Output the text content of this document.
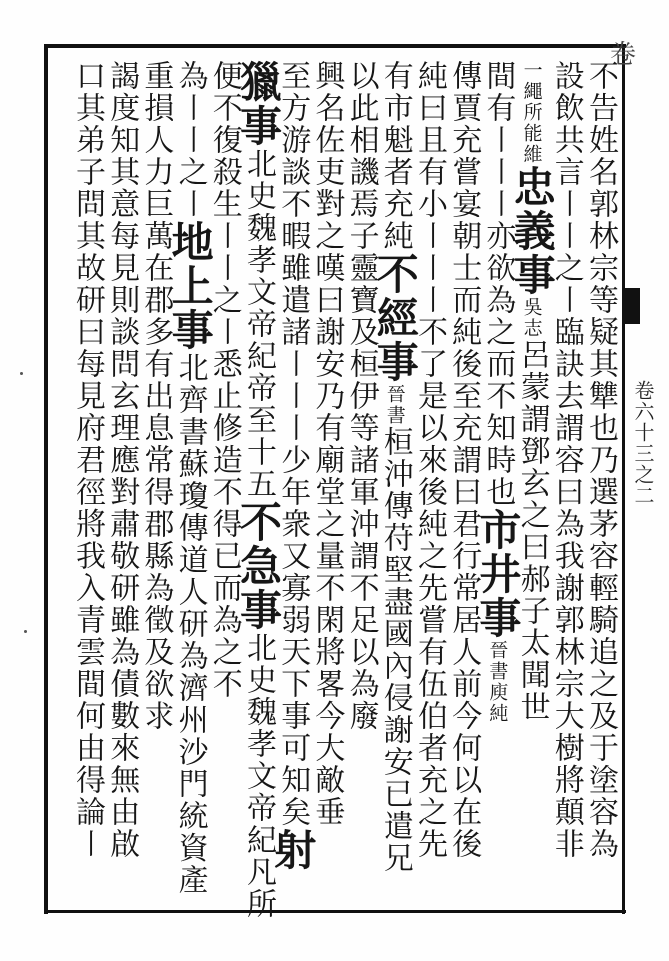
卷
卷六十三之二
不告姓名郭林宗等疑其犨也乃選茅容輕騎追之及于塗容為
設飲共言〡〡之〡臨訣去謂容曰為我謝郭林宗大樹將顛非
一繩所能維忠義事吳志呂蒙謂鄧玄之曰郝子太聞世
間有〡〡〡亦欲為之而不知時也市井事晉書庾純
傳賈充嘗宴朝士而純後至充謂曰君行常居人前今何以在後
純曰且有小〡〡〡不了是以來後純之先嘗有伍伯者充之先
有市魁者充純不經事晉書桓沖傳苻堅盡國內侵謝安已遣兄
以此相譏焉子靈寶及桓伊等諸軍沖謂不足以為廢
興名佐吏對之嘆曰謝安乃有廟堂之量不閑將畧今大敵垂
至方游談不暇雖遣諸〡〡〡少年衆又寡弱天下事可知矣射
獵事北史魏孝文帝紀帝至十五不急事北史魏孝文帝紀凡所
便不復殺生〡〡之〡悉止修造不得已而為之不
為〡〡之〡地上事北齊書蘇瓊傳道人研為濟州沙門統資產
重損人力巨萬在郡多有出息常得郡縣為徵及欲求
謁度知其意每見則談問玄理應對肅敬研雖為債數來無由啟
口其弟子問其故研曰每見府君徑將我入青雲間何由得論〡
